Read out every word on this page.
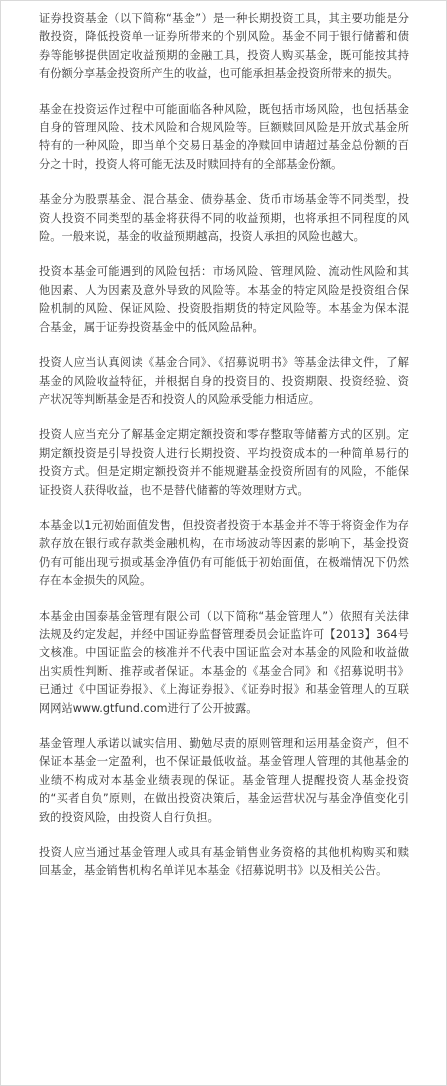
证券投资基金（以下简称“基金”）是一种长期投资工具，其主要功能是分散投资，降低投资单一证券所带来的个别风险。基金不同于银行储蓄和债券等能够提供固定收益预期的金融工具，投资人购买基金，既可能按其持有份额分享基金投资所产生的收益，也可能承担基金投资所带来的损失。

基金在投资运作过程中可能面临各种风险，既包括市场风险，也包括基金自身的管理风险、技术风险和合规风险等。巨额赎回风险是开放式基金所特有的一种风险，即当单个交易日基金的净赎回申请超过基金总份额的百分之十时，投资人将可能无法及时赎回持有的全部基金份额。

基金分为股票基金、混合基金、债券基金、货币市场基金等不同类型，投资人投资不同类型的基金将获得不同的收益预期，也将承担不同程度的风险。一般来说，基金的收益预期越高，投资人承担的风险也越大。

投资本基金可能遇到的风险包括：市场风险、管理风险、流动性风险和其他因素、人为因素及意外导致的风险等。本基金的特定风险是投资组合保险机制的风险、保证风险、投资股指期货的特定风险等。本基金为保本混合基金，属于证券投资基金中的低风险品种。

投资人应当认真阅读《基金合同》、《招募说明书》等基金法律文件，了解基金的风险收益特征，并根据自身的投资目的、投资期限、投资经验、资产状况等判断基金是否和投资人的风险承受能力相适应。

投资人应当充分了解基金定期定额投资和零存整取等储蓄方式的区别。定期定额投资是引导投资人进行长期投资、平均投资成本的一种简单易行的投资方式。但是定期定额投资并不能规避基金投资所固有的风险，不能保证投资人获得收益，也不是替代储蓄的等效理财方式。

本基金以1元初始面值发售，但投资者投资于本基金并不等于将资金作为存款存放在银行或存款类金融机构，在市场波动等因素的影响下，基金投资仍有可能出现亏损或基金净值仍有可能低于初始面值，在极端情况下仍然存在本金损失的风险。

本基金由国泰基金管理有限公司（以下简称“基金管理人”）依照有关法律法规及约定发起，并经中国证券监督管理委员会证监许可【2013】364号文核准。中国证监会的核准并不代表中国证监会对本基金的风险和收益做出实质性判断、推荐或者保证。本基金的《基金合同》和《招募说明书》已通过《中国证券报》、《上海证券报》、《证券时报》和基金管理人的互联网网站www.gtfund.com进行了公开披露。

基金管理人承诺以诚实信用、勤勉尽责的原则管理和运用基金资产，但不保证本基金一定盈利，也不保证最低收益。基金管理人管理的其他基金的业绩不构成对本基金业绩表现的保证。基金管理人提醒投资人基金投资的“买者自负”原则，在做出投资决策后，基金运营状况与基金净值变化引致的投资风险，由投资人自行负担。

投资人应当通过基金管理人或具有基金销售业务资格的其他机构购买和赎回基金，基金销售机构名单详见本基金《招募说明书》以及相关公告。
